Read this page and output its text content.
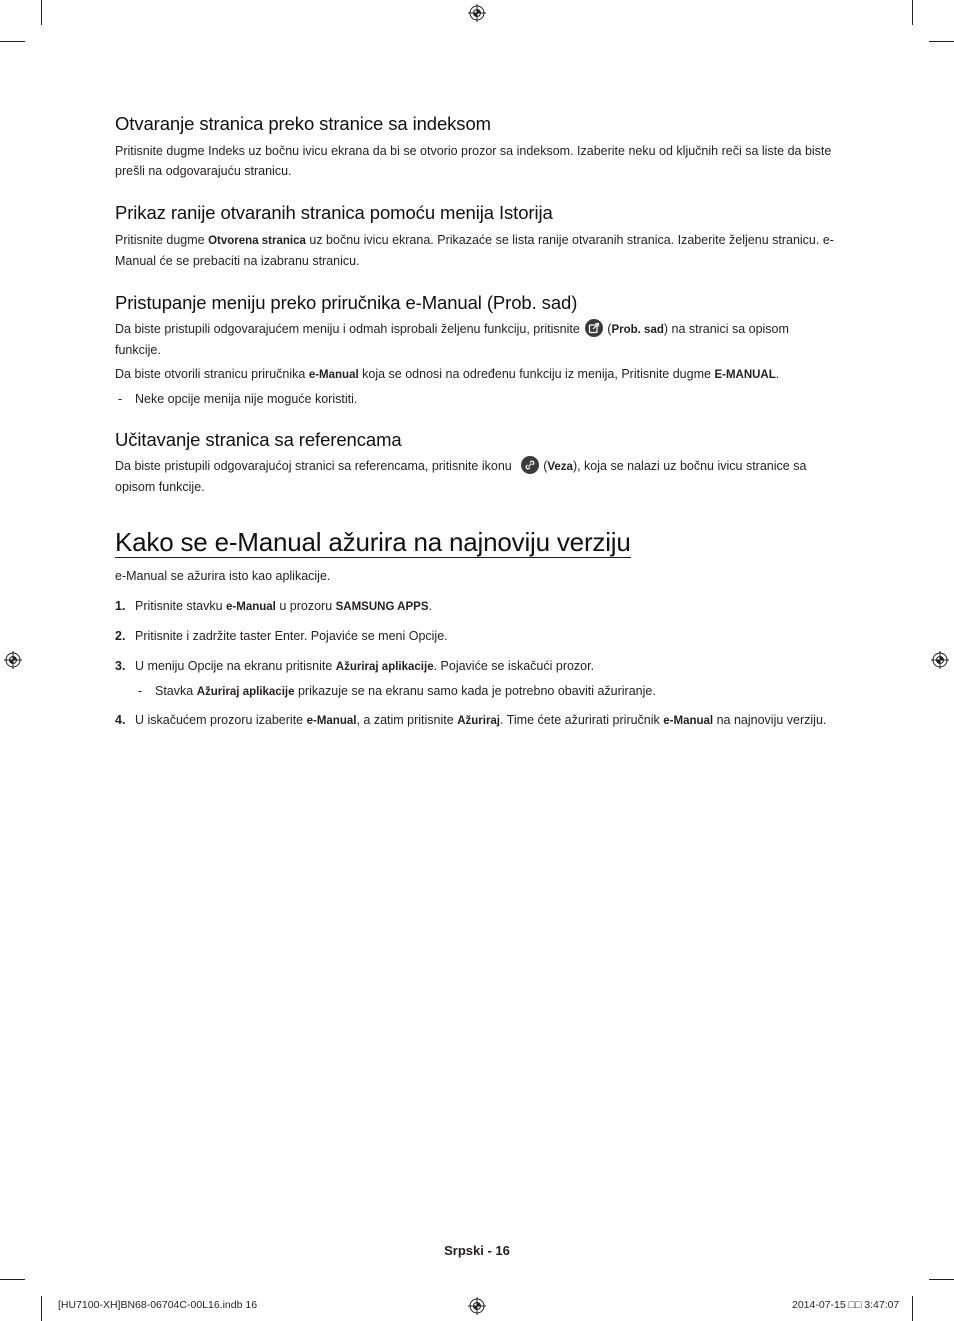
Otvaranje stranica preko stranice sa indeksom

Pritisnite dugme Indeks uz bočnu ivicu ekrana da bi se otvorio prozor sa indeksom. Izaberite neku od ključnih reči sa liste da biste prešli na odgovarajuću stranicu.

Prikaz ranije otvaranih stranica pomoću menija Istorija

Pritisnite dugme Otvorena stranica uz bočnu ivicu ekrana. Prikazaće se lista ranije otvaranih stranica. Izaberite željenu stranicu. e-Manual će se prebaciti na izabranu stranicu.

Pristupanje meniju preko priručnika e-Manual (Prob. sad)

Da biste pristupili odgovarajućem meniju i odmah isprobali željenu funkciju, pritisnite
(Prob. sad) na stranici sa opisom funkcije.

Da biste otvorili stranicu priručnika e-Manual koja se odnosi na određenu funkciju iz menija, Pritisnite dugme E-MANUAL.

- Neke opcije menija nije moguće koristiti.
Učitavanje stranica sa referencama

Da biste pristupili odgovarajućoj stranici sa referencama, pritisnite ikonu
(Veza), koja se nalazi uz bočnu ivicu stranice sa opisom funkcije.

Kako se e-Manual ažurira na najnoviju verziju

e-Manual se ažurira isto kao aplikacije.

1. Pritisnite stavku e-Manual u prozoru SAMSUNG APPS.
2. Pritisnite i zadržite taster Enter. Pojaviće se meni Opcije.
3. U meniju Opcije na ekranu pritisnite Ažuriraj aplikacije. Pojaviće se iskačući prozor.
- Stavka Ažuriraj aplikacije prikazuje se na ekranu samo kada je potrebno obaviti ažuriranje.
4. U iskačućem prozoru izaberite e-Manual, a zatim pritisnite Ažuriraj. Time ćete ažurirati priručnik e-Manual na najnoviju verziju.
Srpski - 16
[HU7100-XH]BN68-06704C-00L16.indb 16	2014-07-15 □□ 3:47:07
